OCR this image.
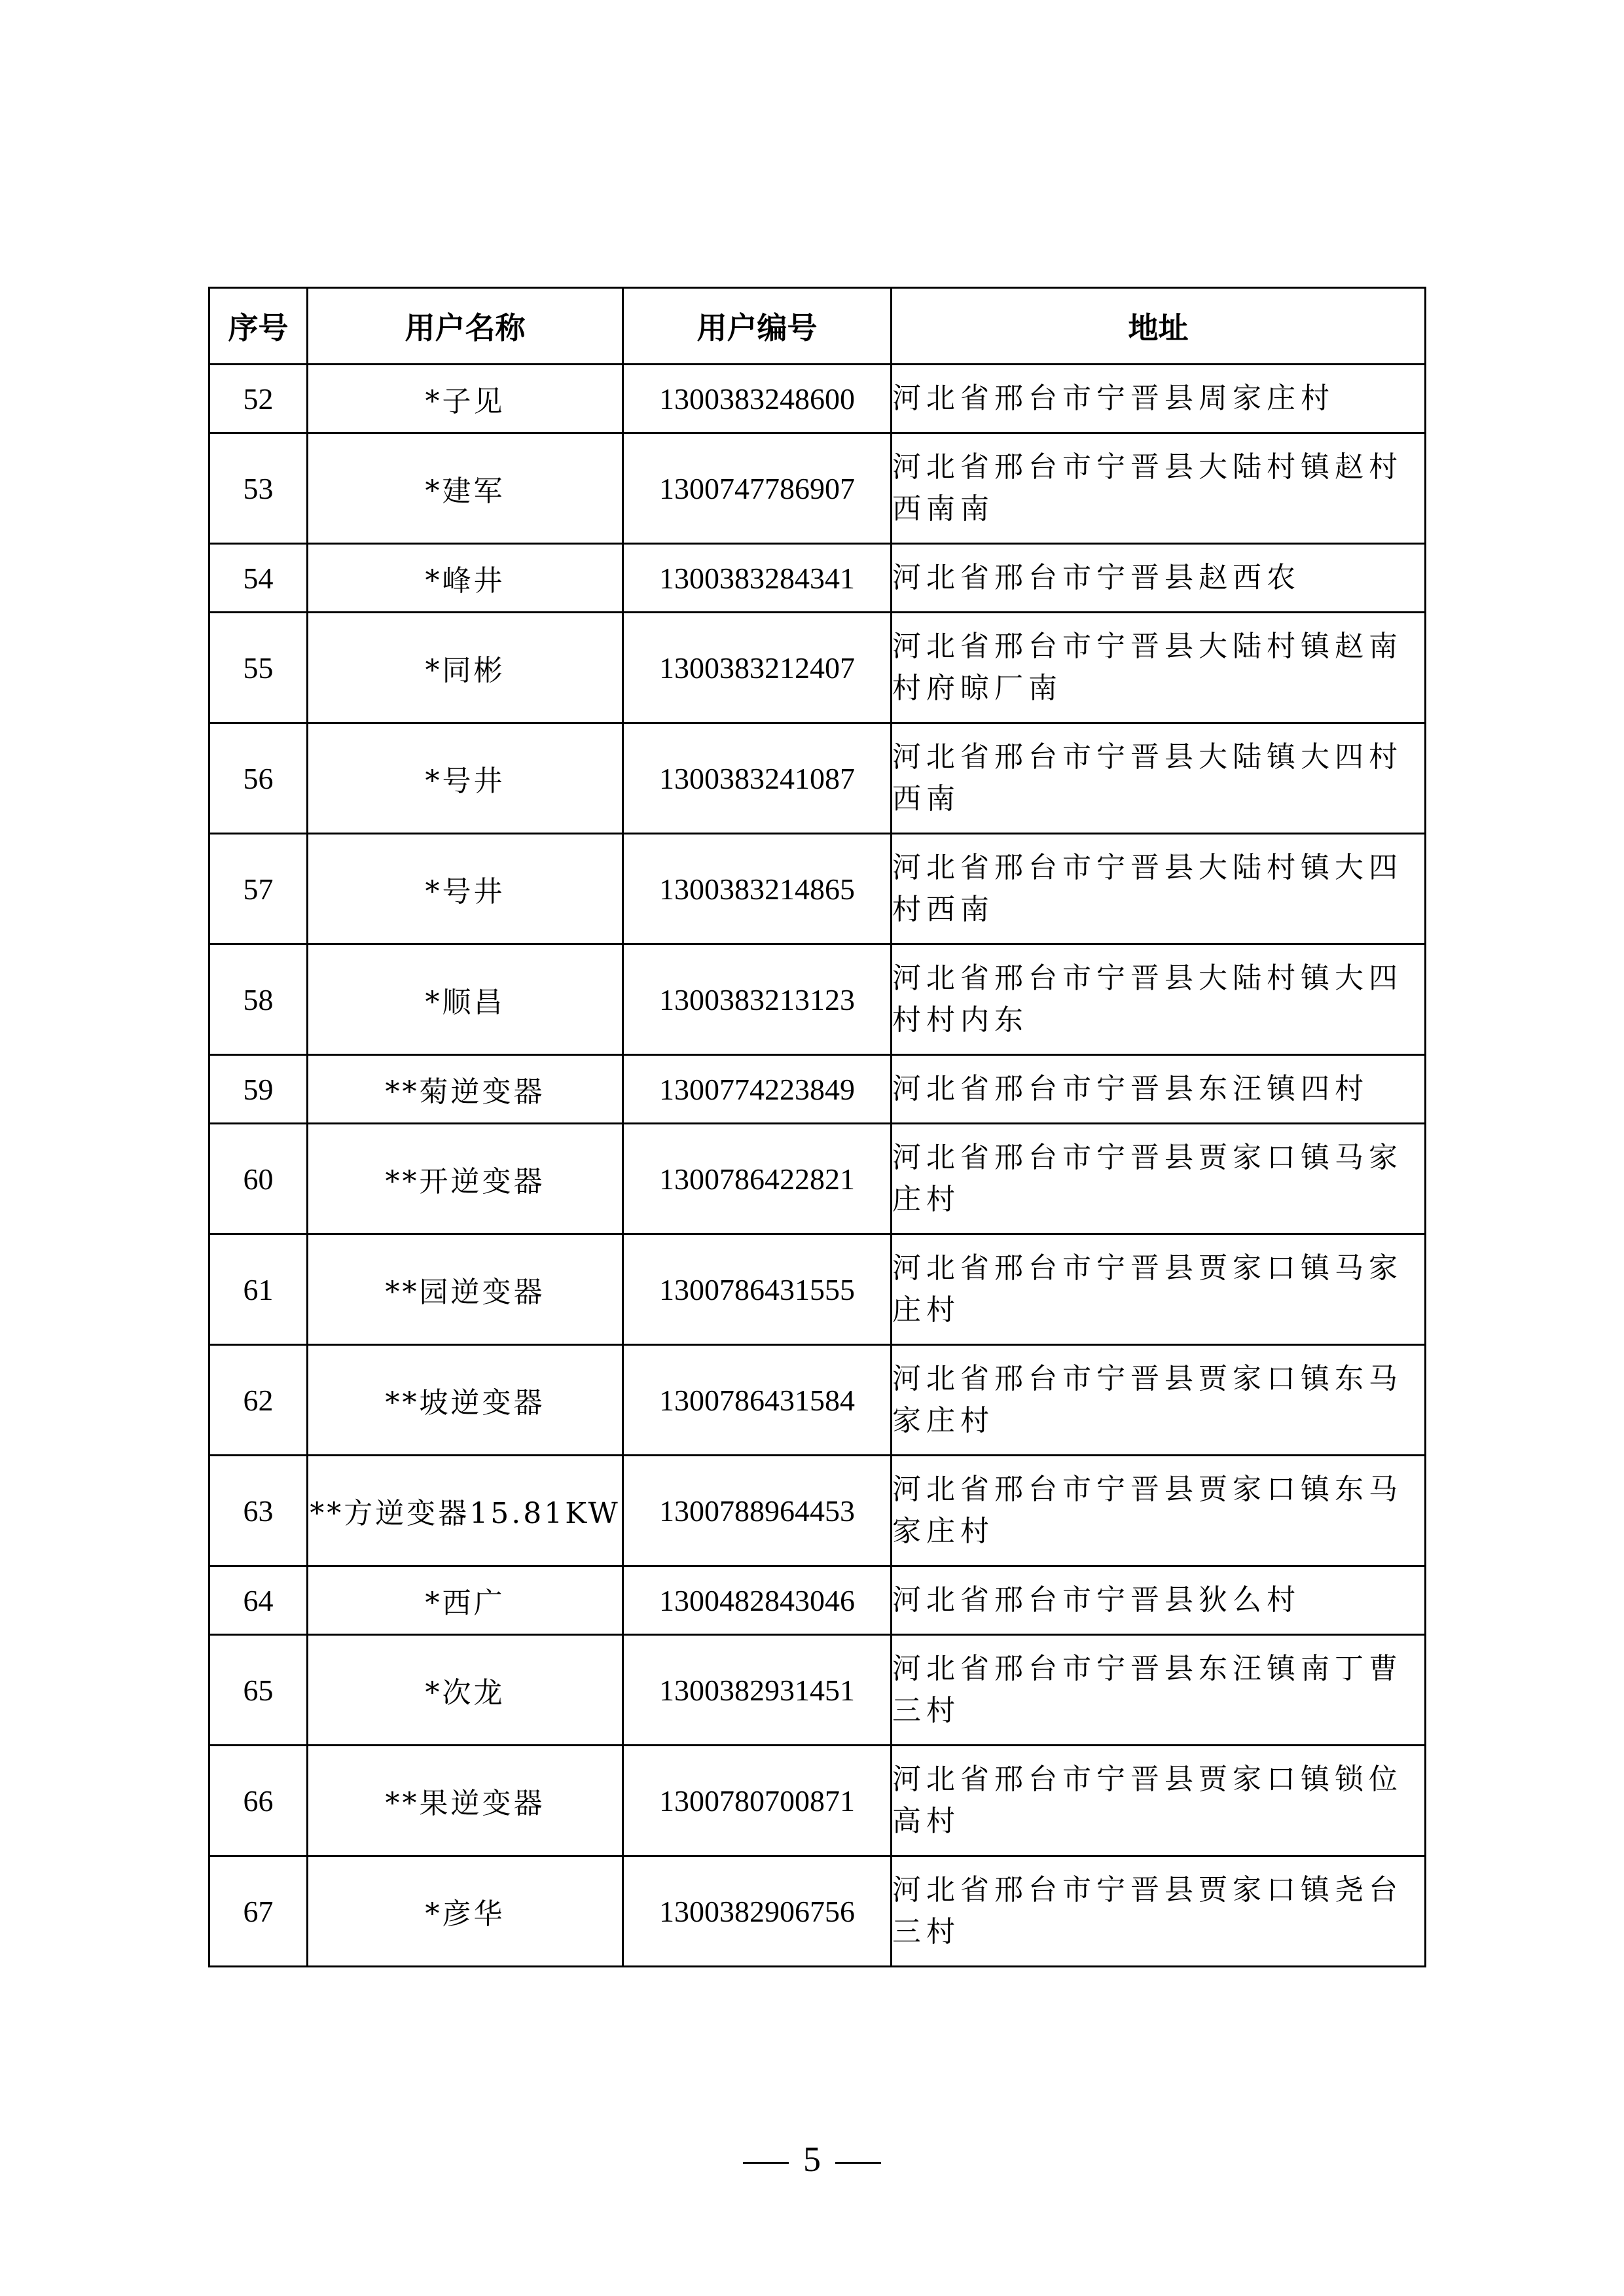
序号	用户名称	用户编号	地址
52	*子见	1300383248600	河北省邢台市宁晋县周家庄村
53	*建军	1300747786907	河北省邢台市宁晋县大陆村镇赵村西南南
54	*峰井	1300383284341	河北省邢台市宁晋县赵西农
55	*同彬	1300383212407	河北省邢台市宁晋县大陆村镇赵南村府晾厂南
56	*号井	1300383241087	河北省邢台市宁晋县大陆镇大四村西南
57	*号井	1300383214865	河北省邢台市宁晋县大陆村镇大四村西南
58	*顺昌	1300383213123	河北省邢台市宁晋县大陆村镇大四村村内东
59	**菊逆变器	1300774223849	河北省邢台市宁晋县东汪镇四村
60	**开逆变器	1300786422821	河北省邢台市宁晋县贾家口镇马家庄村
61	**园逆变器	1300786431555	河北省邢台市宁晋县贾家口镇马家庄村
62	**坡逆变器	1300786431584	河北省邢台市宁晋县贾家口镇东马家庄村
63	**方逆变器15.81KW	1300788964453	河北省邢台市宁晋县贾家口镇东马家庄村
64	*西广	1300482843046	河北省邢台市宁晋县狄么村
65	*次龙	1300382931451	河北省邢台市宁晋县东汪镇南丁曹三村
66	**果逆变器	1300780700871	河北省邢台市宁晋县贾家口镇锁位高村
67	*彦华	1300382906756	河北省邢台市宁晋县贾家口镇尧台三村
5
